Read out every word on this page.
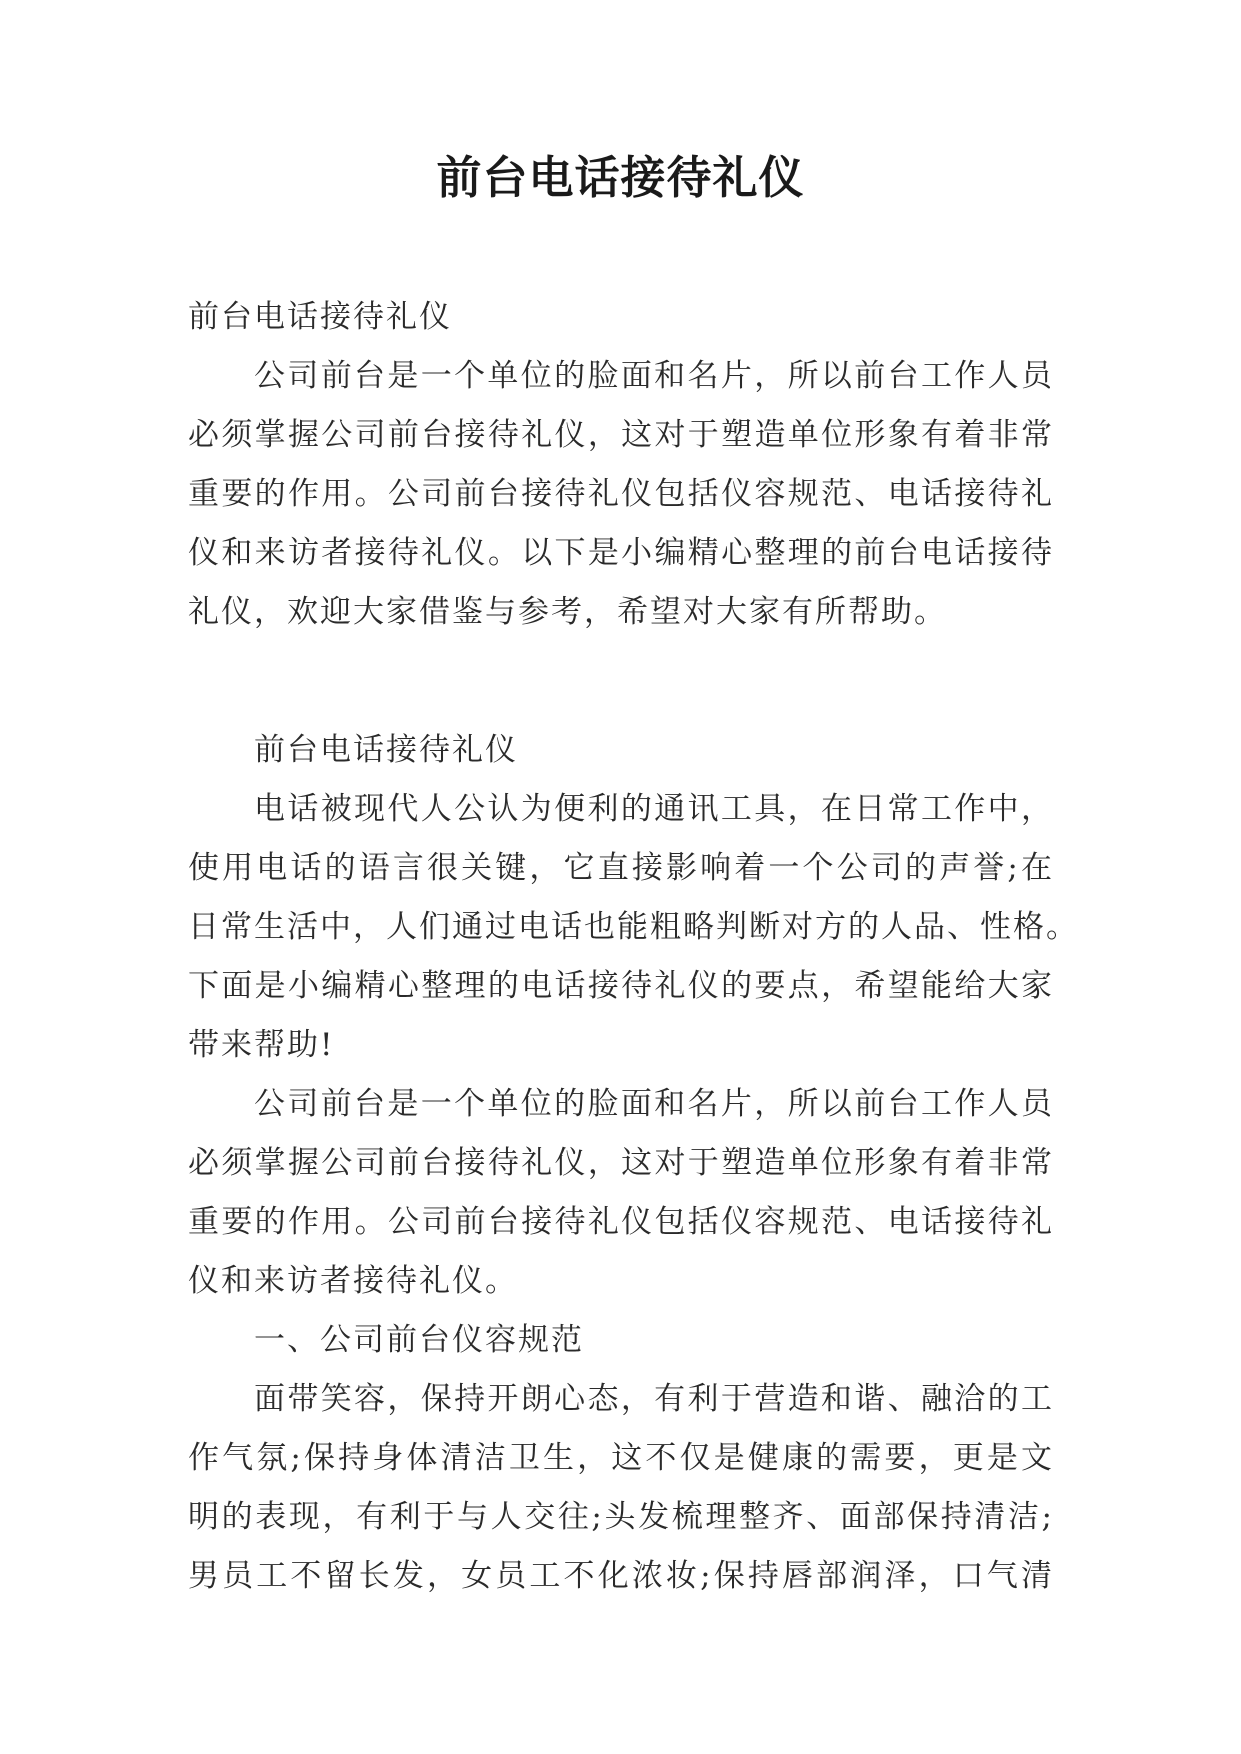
前台电话接待礼仪
前台电话接待礼仪
公司前台是一个单位的脸面和名片，所以前台工作人员
必须掌握公司前台接待礼仪，这对于塑造单位形象有着非常
重要的作用。公司前台接待礼仪包括仪容规范、电话接待礼
仪和来访者接待礼仪。以下是小编精心整理的前台电话接待
礼仪，欢迎大家借鉴与参考，希望对大家有所帮助。
前台电话接待礼仪
电话被现代人公认为便利的通讯工具，在日常工作中，
使用电话的语言很关键，它直接影响着一个公司的声誉;在
日常生活中，人们通过电话也能粗略判断对方的人品、性格。
下面是小编精心整理的电话接待礼仪的要点，希望能给大家
带来帮助!
公司前台是一个单位的脸面和名片，所以前台工作人员
必须掌握公司前台接待礼仪，这对于塑造单位形象有着非常
重要的作用。公司前台接待礼仪包括仪容规范、电话接待礼
仪和来访者接待礼仪。
一、公司前台仪容规范
面带笑容，保持开朗心态，有利于营造和谐、融洽的工
作气氛;保持身体清洁卫生，这不仅是健康的需要，更是文
明的表现，有利于与人交往;头发梳理整齐、面部保持清洁;
男员工不留长发，女员工不化浓妆;保持唇部润泽，口气清
